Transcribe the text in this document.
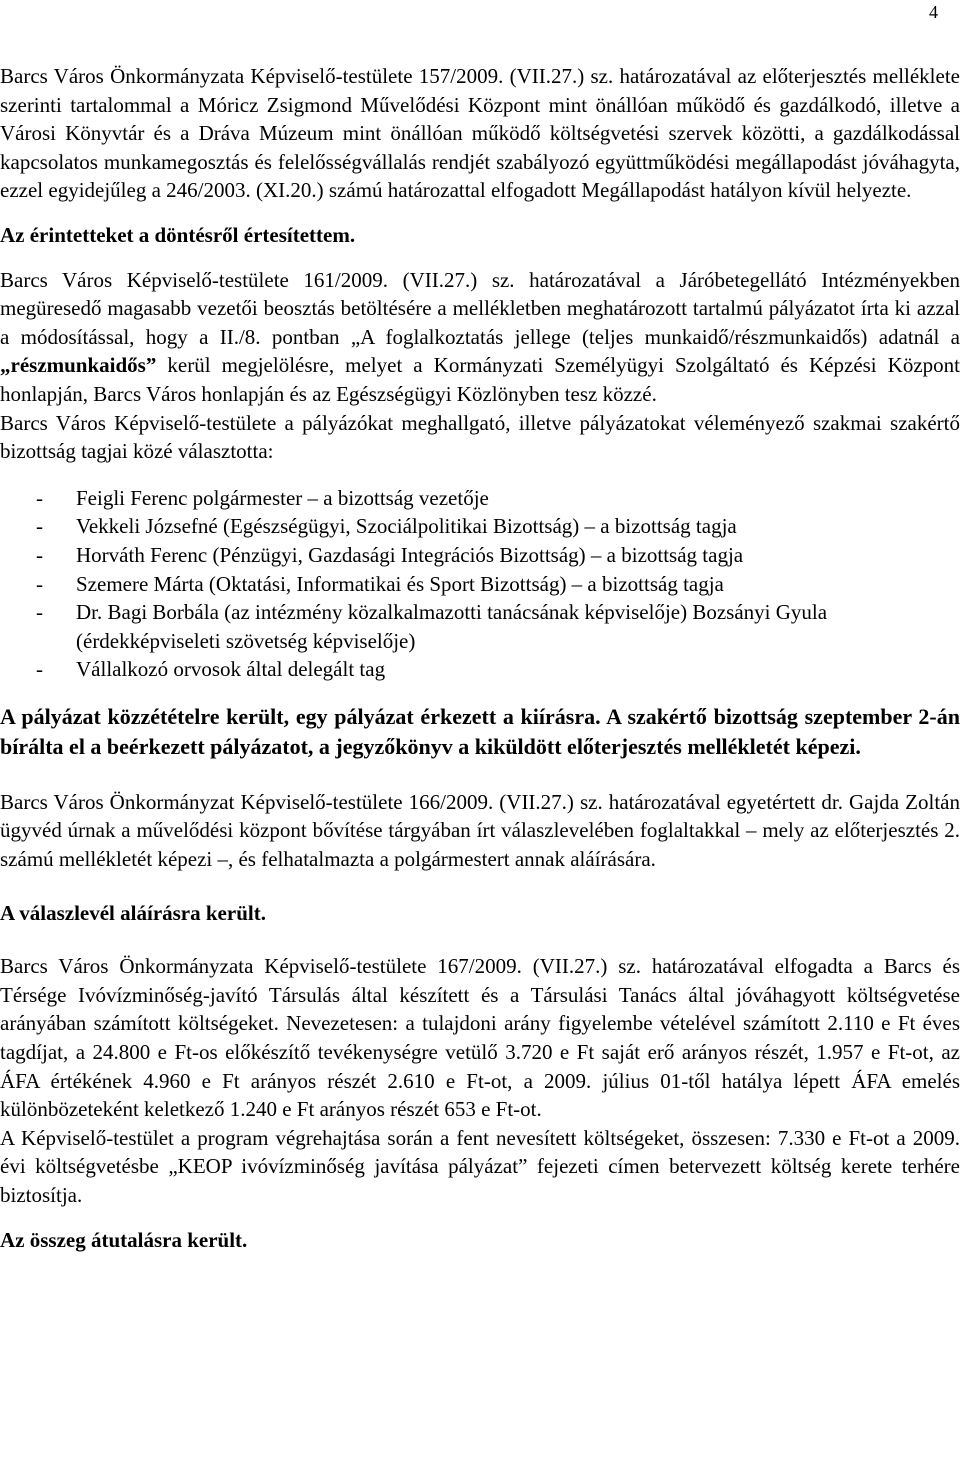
4

Barcs Város Önkormányzata Képviselő-testülete 157/2009. (VII.27.) sz. határozatával az előterjesztés melléklete szerinti tartalommal a Móricz Zsigmond Művelődési Központ mint önállóan működő és gazdálkodó, illetve a Városi Könyvtár és a Dráva Múzeum mint önállóan működő költségvetési szervek közötti, a gazdálkodással kapcsolatos munkamegosztás és felelősségvállalás rendjét szabályozó együttműködési megállapodást jóváhagyta, ezzel egyidejűleg a 246/2003. (XI.20.) számú határozattal elfogadott Megállapodást hatályon kívül helyezte.

Az érintetteket a döntésről értesítettem.

Barcs Város Képviselő-testülete 161/2009. (VII.27.) sz. határozatával a Járóbetegellátó Intézményekben megüresedő magasabb vezetői beosztás betöltésére a mellékletben meghatározott tartalmú pályázatot írta ki azzal a módosítással, hogy a II./8. pontban „A foglalkoztatás jellege (teljes munkaidő/részmunkaidős) adatnál a „részmunkaidős” kerül megjelölésre, melyet a Kormányzati Személyügyi Szolgáltató és Képzési Központ honlapján, Barcs Város honlapján és az Egészségügyi Közlönyben tesz közzé.

Barcs Város Képviselő-testülete a pályázókat meghallgató, illetve pályázatokat véleményező szakmai szakértő bizottság tagjai közé választotta:

- Feigli Ferenc polgármester – a bizottság vezetője
- Vekkeli Józsefné (Egészségügyi, Szociálpolitikai Bizottság) – a bizottság tagja
- Horváth Ferenc (Pénzügyi, Gazdasági Integrációs Bizottság) – a bizottság tagja
- Szemere Márta (Oktatási, Informatikai és Sport Bizottság) – a bizottság tagja
- Dr. Bagi Borbála (az intézmény közalkalmazotti tanácsának képviselője) Bozsányi Gyula (érdekképviseleti szövetség képviselője)
- Vállalkozó orvosok által delegált tag

A pályázat közzétételre került, egy pályázat érkezett a kiírásra. A szakértő bizottság szeptember 2-án bírálta el a beérkezett pályázatot, a jegyzőkönyv a kiküldött előterjesztés mellékletét képezi.

Barcs Város Önkormányzat Képviselő-testülete 166/2009. (VII.27.) sz. határozatával egyetértett dr. Gajda Zoltán ügyvéd úrnak a művelődési központ bővítése tárgyában írt válaszlevelében foglaltakkal – mely az előterjesztés 2. számú mellékletét képezi –, és felhatalmazta a polgármestert annak aláírására.

A válaszlevél aláírásra került.

Barcs Város Önkormányzata Képviselő-testülete 167/2009. (VII.27.) sz. határozatával elfogadta a Barcs és Térsége Ivóvízminőség-javító Társulás által készített és a Társulási Tanács által jóváhagyott költségvetése arányában számított költségeket. Nevezetesen: a tulajdoni arány figyelembe vételével számított 2.110 e Ft éves tagdíjat, a 24.800 e Ft-os előkészítő tevékenységre vetülő 3.720 e Ft saját erő arányos részét, 1.957 e Ft-ot, az ÁFA értékének 4.960 e Ft arányos részét 2.610 e Ft-ot, a 2009. július 01-től hatálya lépett ÁFA emelés különbözeteként keletkező 1.240 e Ft arányos részét 653 e Ft-ot.

A Képviselő-testület a program végrehajtása során a fent nevesített költségeket, összesen: 7.330 e Ft-ot a 2009. évi költségvetésbe „KEOP ivóvízminőség javítása pályázat” fejezeti címen betervezett költség kerete terhére biztosítja.

Az összeg átutalásra került.
